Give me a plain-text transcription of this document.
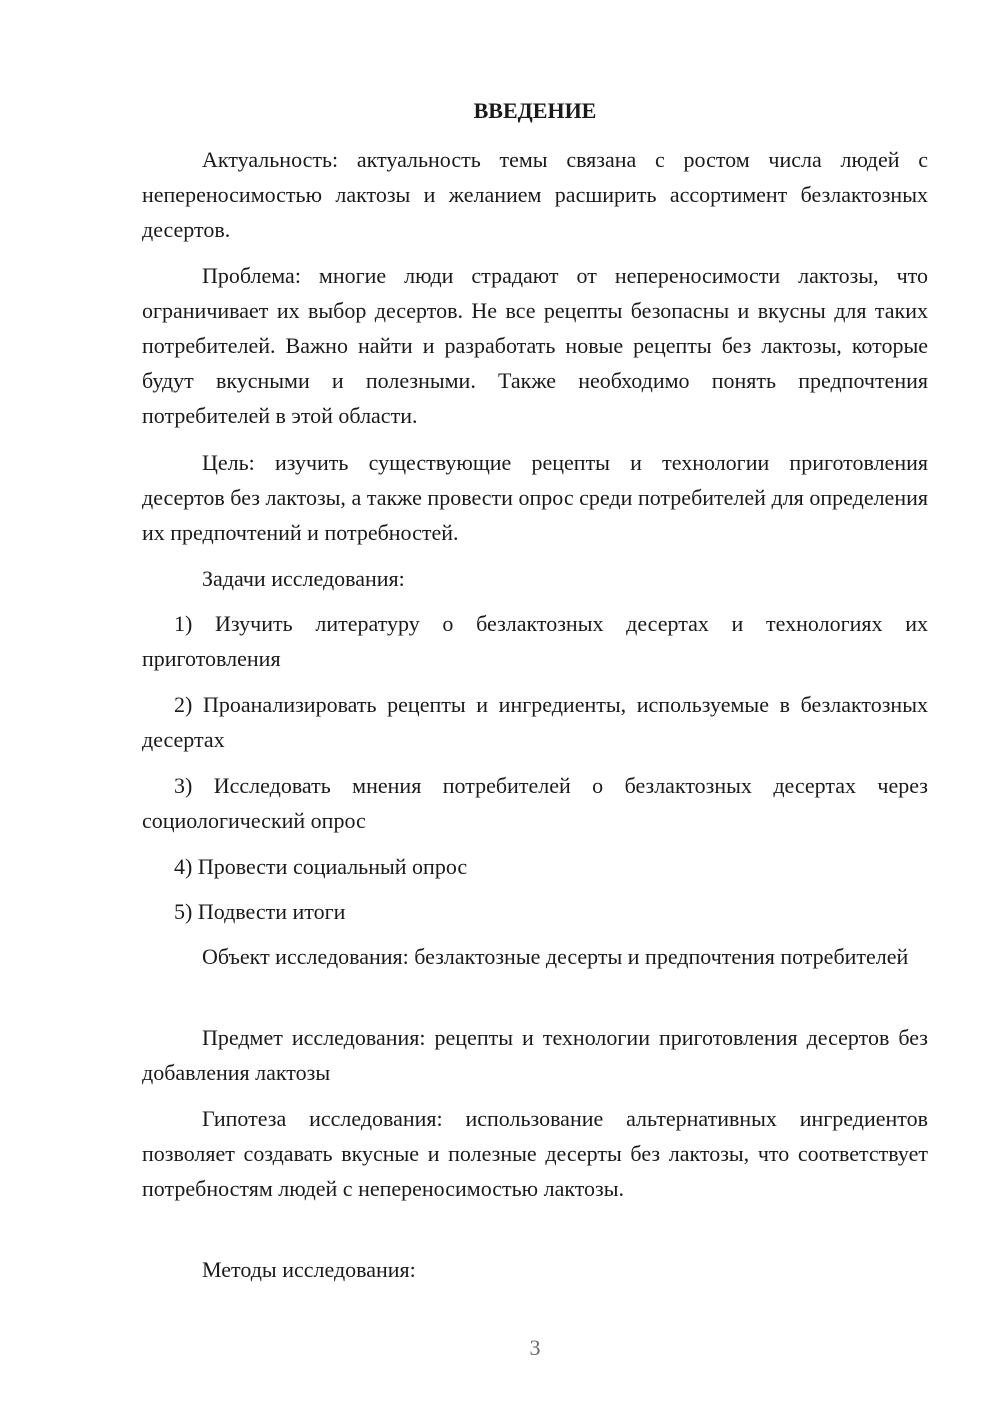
ВВЕДЕНИЕ

Актуальность: актуальность темы связана с ростом числа людей с непереносимостью лактозы и желанием расширить ассортимент безлактозных десертов.

Проблема: многие люди страдают от непереносимости лактозы, что ограничивает их выбор десертов. Не все рецепты безопасны и вкусны для таких потребителей. Важно найти и разработать новые рецепты без лактозы, которые будут вкусными и полезными. Также необходимо понять предпочтения потребителей в этой области.

Цель: изучить существующие рецепты и технологии приготовления десертов без лактозы, а также провести опрос среди потребителей для определения их предпочтений и потребностей.

Задачи исследования:

1) Изучить литературу о безлактозных десертах и технологиях их приготовления

2) Проанализировать рецепты и ингредиенты, используемые в безлактозных десертах

3) Исследовать мнения потребителей о безлактозных десертах через социологический опрос

4) Провести социальный опрос

5) Подвести итоги

Объект исследования: безлактозные десерты и предпочтения потребителей

Предмет исследования: рецепты и технологии приготовления десертов без добавления лактозы

Гипотеза исследования: использование альтернативных ингредиентов позволяет создавать вкусные и полезные десерты без лактозы, что соответствует потребностям людей с непереносимостью лактозы.

Методы исследования:

3
